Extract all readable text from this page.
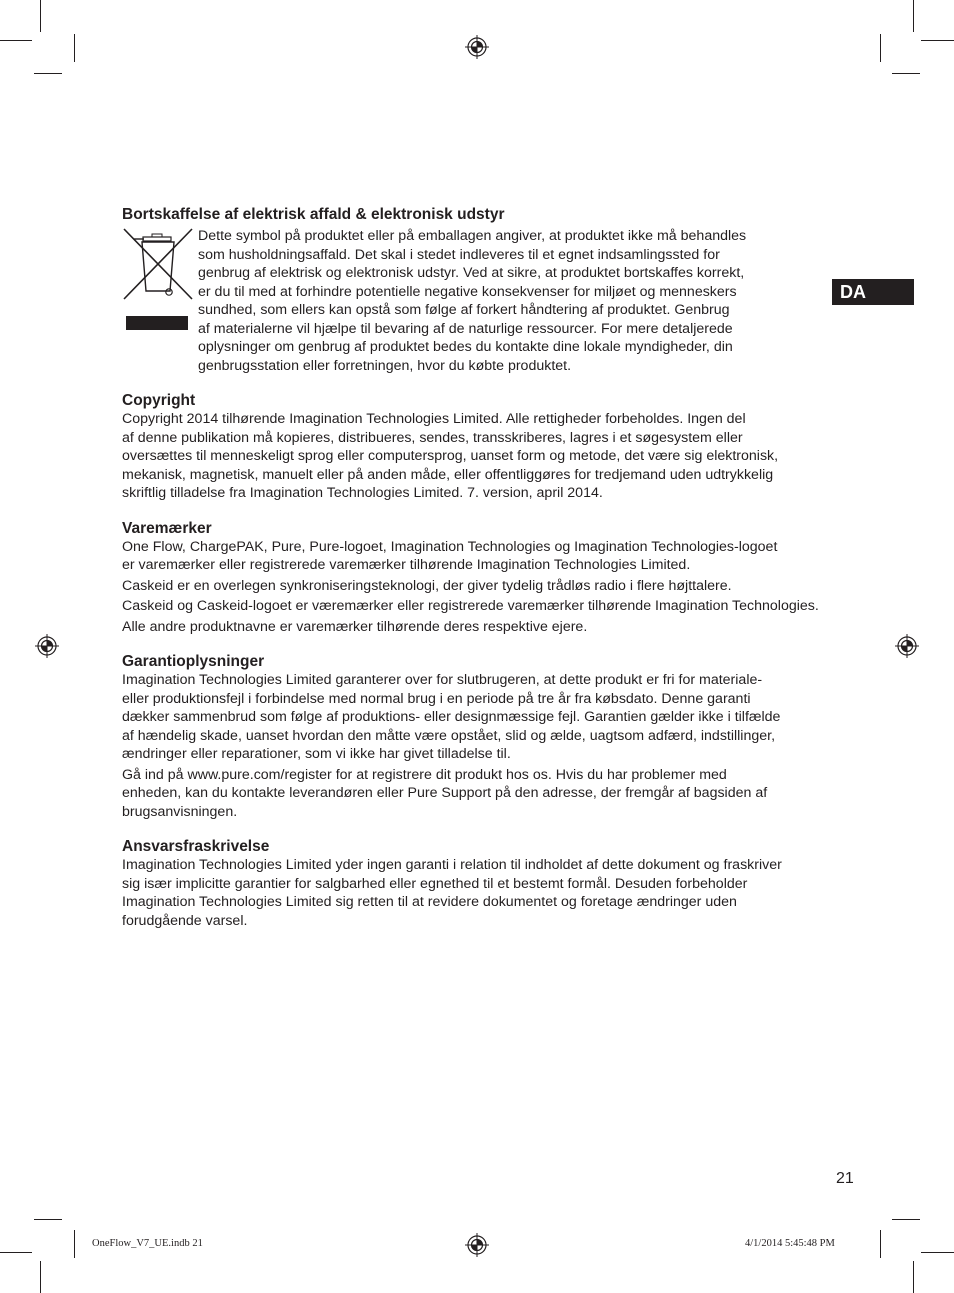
DA
Bortskaffelse af elektrisk affald & elektronisk udstyr
Dette symbol på produktet eller på emballagen angiver, at produktet ikke må behandles
som husholdningsaffald. Det skal i stedet indleveres til et egnet indsamlingssted for
genbrug af elektrisk og elektronisk udstyr. Ved at sikre, at produktet bortskaffes korrekt,
er du til med at forhindre potentielle negative konsekvenser for miljøet og menneskers
sundhed, som ellers kan opstå som følge af forkert håndtering af produktet. Genbrug
af materialerne vil hjælpe til bevaring af de naturlige ressourcer. For mere detaljerede
oplysninger om genbrug af produktet bedes du kontakte dine lokale myndigheder, din
genbrugsstation eller forretningen, hvor du købte produktet.
Copyright
Copyright 2014 tilhørende Imagination Technologies Limited. Alle rettigheder forbeholdes. Ingen del
af denne publikation må kopieres, distribueres, sendes, transskriberes, lagres i et søgesystem eller
oversættes til menneskeligt sprog eller computersprog, uanset form og metode, det være sig elektronisk,
mekanisk, magnetisk, manuelt eller på anden måde, eller offentliggøres for tredjemand uden udtrykkelig
skriftlig tilladelse fra Imagination Technologies Limited. 7. version, april 2014.
Varemærker
One Flow, ChargePAK, Pure, Pure-logoet, Imagination Technologies og Imagination Technologies-logoet
er varemærker eller registrerede varemærker tilhørende Imagination Technologies Limited.
Caskeid er en overlegen synkroniseringsteknologi, der giver tydelig trådløs radio i flere højttalere.
Caskeid og Caskeid-logoet er væremærker eller registrerede varemærker tilhørende Imagination Technologies.
Alle andre produktnavne er varemærker tilhørende deres respektive ejere.
Garantioplysninger
Imagination Technologies Limited garanterer over for slutbrugeren, at dette produkt er fri for materiale-
eller produktionsfejl i forbindelse med normal brug i en periode på tre år fra købsdato. Denne garanti
dækker sammenbrud som følge af produktions- eller designmæssige fejl. Garantien gælder ikke i tilfælde
af hændelig skade, uanset hvordan den måtte være opstået, slid og ælde, uagtsom adfærd, indstillinger,
ændringer eller reparationer, som vi ikke har givet tilladelse til.
Gå ind på www.pure.com/register for at registrere dit produkt hos os. Hvis du har problemer med
enheden, kan du kontakte leverandøren eller Pure Support på den adresse, der fremgår af bagsiden af
brugsanvisningen.
Ansvarsfraskrivelse
Imagination Technologies Limited yder ingen garanti i relation til indholdet af dette dokument og fraskriver
sig især implicitte garantier for salgbarhed eller egnethed til et bestemt formål. Desuden forbeholder
Imagination Technologies Limited sig retten til at revidere dokumentet og foretage ændringer uden
forudgående varsel.
21
OneFlow_V7_UE.indb 21	4/1/2014 5:45:48 PM
